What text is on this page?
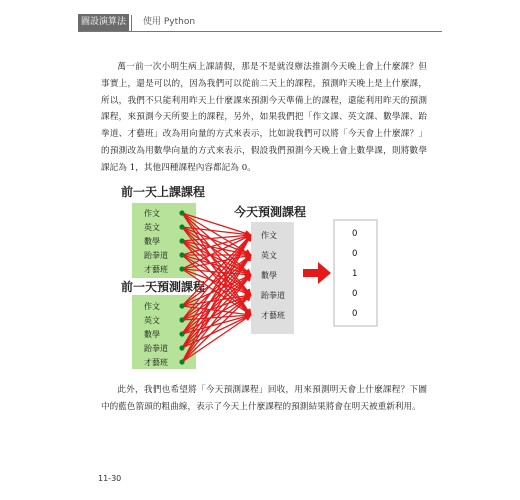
圖設演算法	使用 Python

萬一前一次小明生病上課請假，那是不是就沒辦法推測今天晚上會上什麼課？但事實上，還是可以的，因為我們可以從前二天上的課程，預測昨天晚上是上什麼課，所以，我們不只能利用昨天上什麼課來預測今天準備上的課程，還能利用昨天的預測課程，來預測今天所要上的課程，另外，如果我們把「作文課、英文課、數學課、跆拳道、才藝班」改為用向量的方式來表示，比如說我們可以將「今天會上什麼課？」的預測改為用數學向量的方式來表示，假設我們預測今天晚上會上數學課，則將數學課記為 1，其他四種課程內容都記為 0。

前一天上課課程
今天預測課程
前一天預測課程
作文
英文
數學
跆拳道
才藝班
作文
英文
數學
跆拳道
才藝班
作文
英文
數學
跆拳道
才藝班
0
0
1
0
0

此外，我們也希望將「今天預測課程」回收，用來預測明天會上什麼課程？下圖中的藍色箭頭的粗曲線，表示了今天上什麼課程的預測結果將會在明天被重新利用。

11-30
